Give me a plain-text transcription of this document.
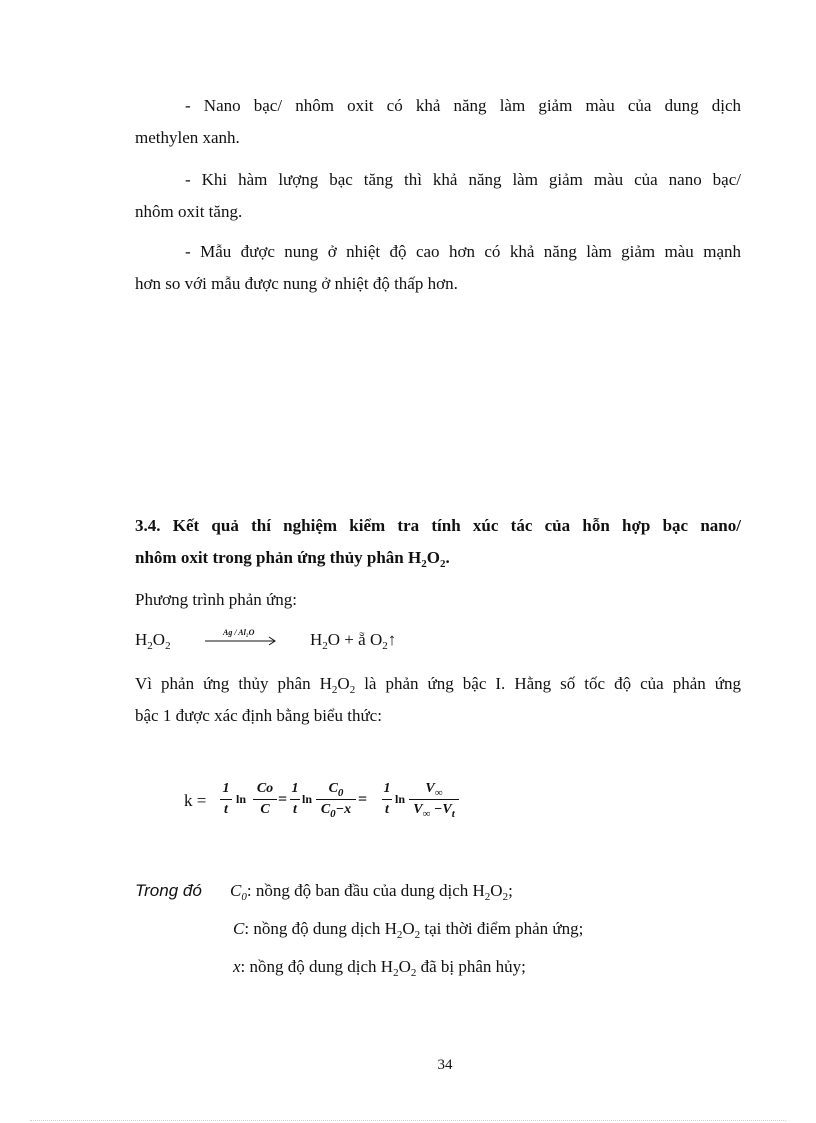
- Nano bạc/ nhôm oxit có khả năng làm giảm màu của dung dịch
methylen xanh.
- Khi hàm lượng bạc tăng thì khả năng làm giảm màu của nano bạc/
nhôm oxit tăng.
- Mẫu được nung ở nhiệt độ cao hơn có khả năng làm giảm màu mạnh
hơn so với mẫu được nung ở nhiệt độ thấp hơn.
3.4. Kết quả thí nghiệm kiểm tra tính xúc tác của hỗn hợp bạc nano/
nhôm oxit trong phản ứng thủy phân $H_2O_2$.
Phương trình phản ứng:
$H_2O_2$
Ag / Al₂O	$H_2O$ + ẵ $O_2↑$
Vì phản ứng thủy phân $H_2O_2$ là phản ứng bậc I. Hằng số tốc độ của phản ứng
bậc 1 được xác định bằng biểu thức:
k =
1
t
ln
Co
C
=
1
t
ln
$C_0$
$C_0-x$
=
1
t
ln
$V_\infty$
$V_\infty -V_t$
Trong đó $C_0$: nồng độ ban đầu của dung dịch $H_2O_2$;
C: nồng độ dung dịch $H_2O_2$ tại thời điểm phản ứng;
x: nồng độ dung dịch $H_2O_2$ đã bị phân hủy;
34
